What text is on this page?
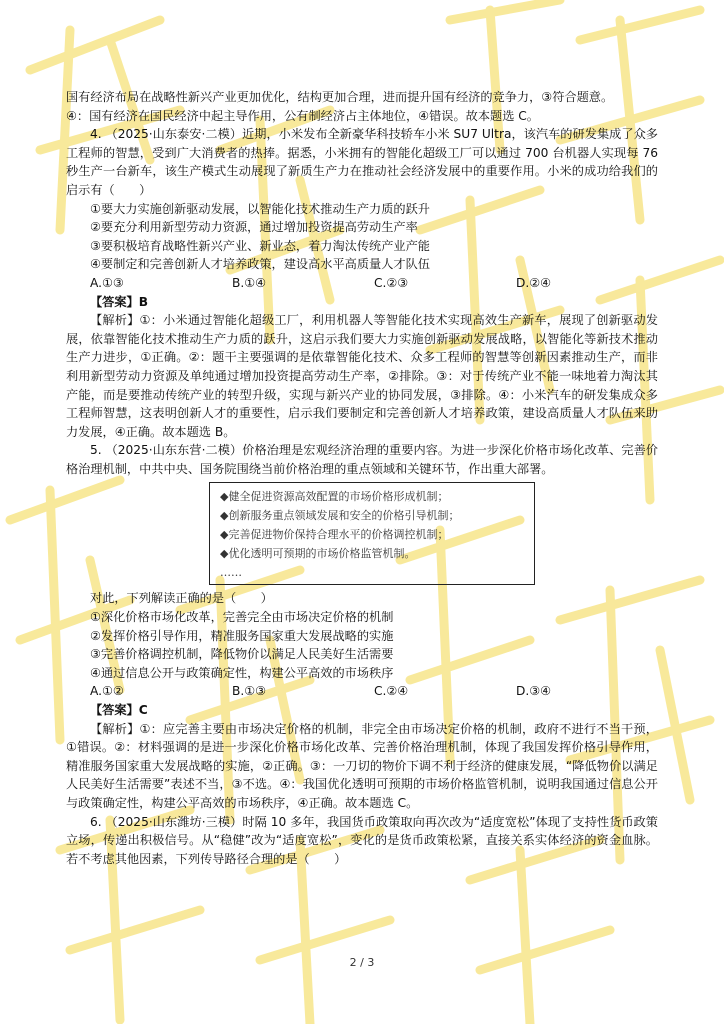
国有经济布局在战略性新兴产业更加优化，结构更加合理，进而提升国有经济的竞争力，③符合题意。

④：国有经济在国民经济中起主导作用，公有制经济占主体地位，④错误。故本题选 C。

4. （2025·山东泰安·二模）近期，小米发布全新豪华科技轿车小米 SU7 Ultra，该汽车的研发集成了众多工程师的智慧，受到广大消费者的热捧。据悉，小米拥有的智能化超级工厂可以通过 700 台机器人实现每 76 秒生产一台新车，该生产模式生动展现了新质生产力在推动社会经济发展中的重要作用。小米的成功给我们的启示有（　　）

①要大力实施创新驱动发展，以智能化技术推动生产力质的跃升

②要充分利用新型劳动力资源，通过增加投资提高劳动生产率

③要积极培育战略性新兴产业、新业态，着力淘汰传统产业产能

④要制定和完善创新人才培养政策，建设高水平高质量人才队伍

A.①③	B.①④	C.②③	D.②④

【答案】B

【解析】①：小米通过智能化超级工厂，利用机器人等智能化技术实现高效生产新车，展现了创新驱动发展，依靠智能化技术推动生产力质的跃升，这启示我们要大力实施创新驱动发展战略，以智能化等新技术推动生产力进步，①正确。②：题干主要强调的是依靠智能化技术、众多工程师的智慧等创新因素推动生产，而非利用新型劳动力资源及单纯通过增加投资提高劳动生产率，②排除。③：对于传统产业不能一味地着力淘汰其产能，而是要推动传统产业的转型升级，实现与新兴产业的协同发展，③排除。④：小米汽车的研发集成众多工程师智慧，这表明创新人才的重要性，启示我们要制定和完善创新人才培养政策，建设高质量人才队伍来助力发展，④正确。故本题选 B。

5. （2025·山东东营·二模）价格治理是宏观经济治理的重要内容。为进一步深化价格市场化改革、完善价格治理机制，中共中央、国务院围绕当前价格治理的重点领域和关键环节，作出重大部署。

◆健全促进资源高效配置的市场价格形成机制；
◆创新服务重点领域发展和安全的价格引导机制；
◆完善促进物价保持合理水平的价格调控机制；
◆优化透明可预期的市场价格监管机制。
……

对此，下列解读正确的是（　　）

①深化价格市场化改革，完善完全由市场决定价格的机制

②发挥价格引导作用，精准服务国家重大发展战略的实施

③完善价格调控机制，降低物价以满足人民美好生活需要

④通过信息公开与政策确定性，构建公平高效的市场秩序

A.①②	B.①③	C.②④	D.③④

【答案】C

【解析】①：应完善主要由市场决定价格的机制，非完全由市场决定价格的机制，政府不进行不当干预，①错误。②：材料强调的是进一步深化价格市场化改革、完善价格治理机制，体现了我国发挥价格引导作用，精准服务国家重大发展战略的实施，②正确。③：一刀切的物价下调不利于经济的健康发展，“降低物价以满足人民美好生活需要”表述不当，③不选。④：我国优化透明可预期的市场价格监管机制，说明我国通过信息公开与政策确定性，构建公平高效的市场秩序，④正确。故本题选 C。

6. （2025·山东潍坊·三模）时隔 10 多年，我国货币政策取向再次改为“适度宽松”体现了支持性货币政策立场，传递出积极信号。从“稳健”改为“适度宽松”，变化的是货币政策松紧，直接关系实体经济的资金血脉。若不考虑其他因素，下列传导路径合理的是（　　）

2 / 3
